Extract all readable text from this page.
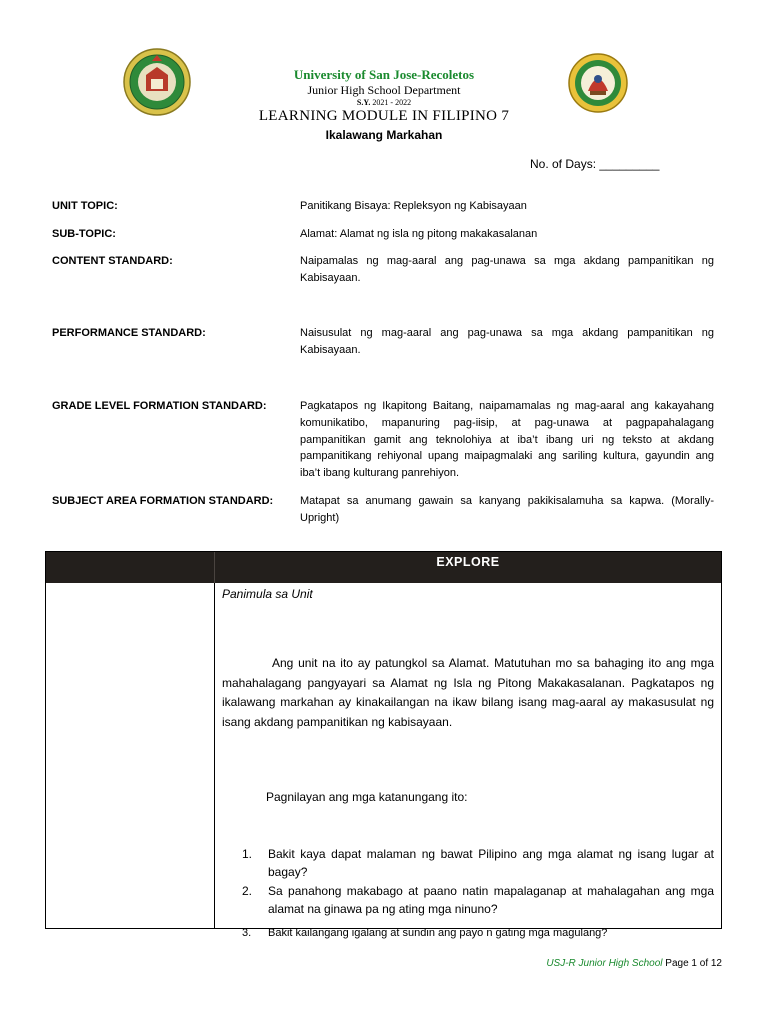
University of San Jose-Recoletos
Junior High School Department
S.Y. 2021 - 2022
LEARNING MODULE IN FILIPINO 7
Ikalawang Markahan
No. of Days: _________
UNIT TOPIC:	Panitikang Bisaya: Repleksyon ng Kabisayaan
SUB-TOPIC:	Alamat: Alamat ng isla ng pitong makakasalanan
CONTENT STANDARD:	Naipamalas ng mag-aaral ang pag-unawa sa mga akdang pampanitikan ng Kabisayaan.
PERFORMANCE STANDARD:	Naisusulat ng mag-aaral ang pag-unawa sa mga akdang pampanitikan ng Kabisayaan.
GRADE LEVEL FORMATION STANDARD:	Pagkatapos ng Ikapitong Baitang, naipamamalas ng mag-aaral ang kakayahang komunikatibo, mapanuring pag-iisip, at pag-unawa at pagpapahalagang pampanitikan gamit ang teknolohiya at iba’t ibang uri ng teksto at akdang pampanitikang rehiyonal upang maipagmalaki ang sariling kultura, gayundin ang iba’t ibang kulturang panrehiyon.
SUBJECT AREA FORMATION STANDARD:	Matapat sa anumang gawain sa kanyang pakikisalamuha sa kapwa. (Morally-Upright)
EXPLORE
Panimula sa Unit
Ang unit na ito ay patungkol sa Alamat. Matutuhan mo sa bahaging ito ang mga mahahalagang pangyayari sa Alamat ng Isla ng Pitong Makakasalanan. Pagkatapos ng ikalawang markahan ay kinakailangan na ikaw bilang isang mag-aaral ay makasusulat ng isang akdang pampanitikan ng kabisayaan.
Pagnilayan ang mga katanungang ito:
1. Bakit kaya dapat malaman ng bawat Pilipino ang mga alamat ng isang lugar at bagay?
2. Sa panahong makabago at paano natin mapalaganap at mahalagahan ang mga alamat na ginawa pa ng ating mga ninuno?
3. Bakit kailangang igalang at sundin ang payo n gating mga magulang?
USJ-R Junior High School Page 1 of 12
